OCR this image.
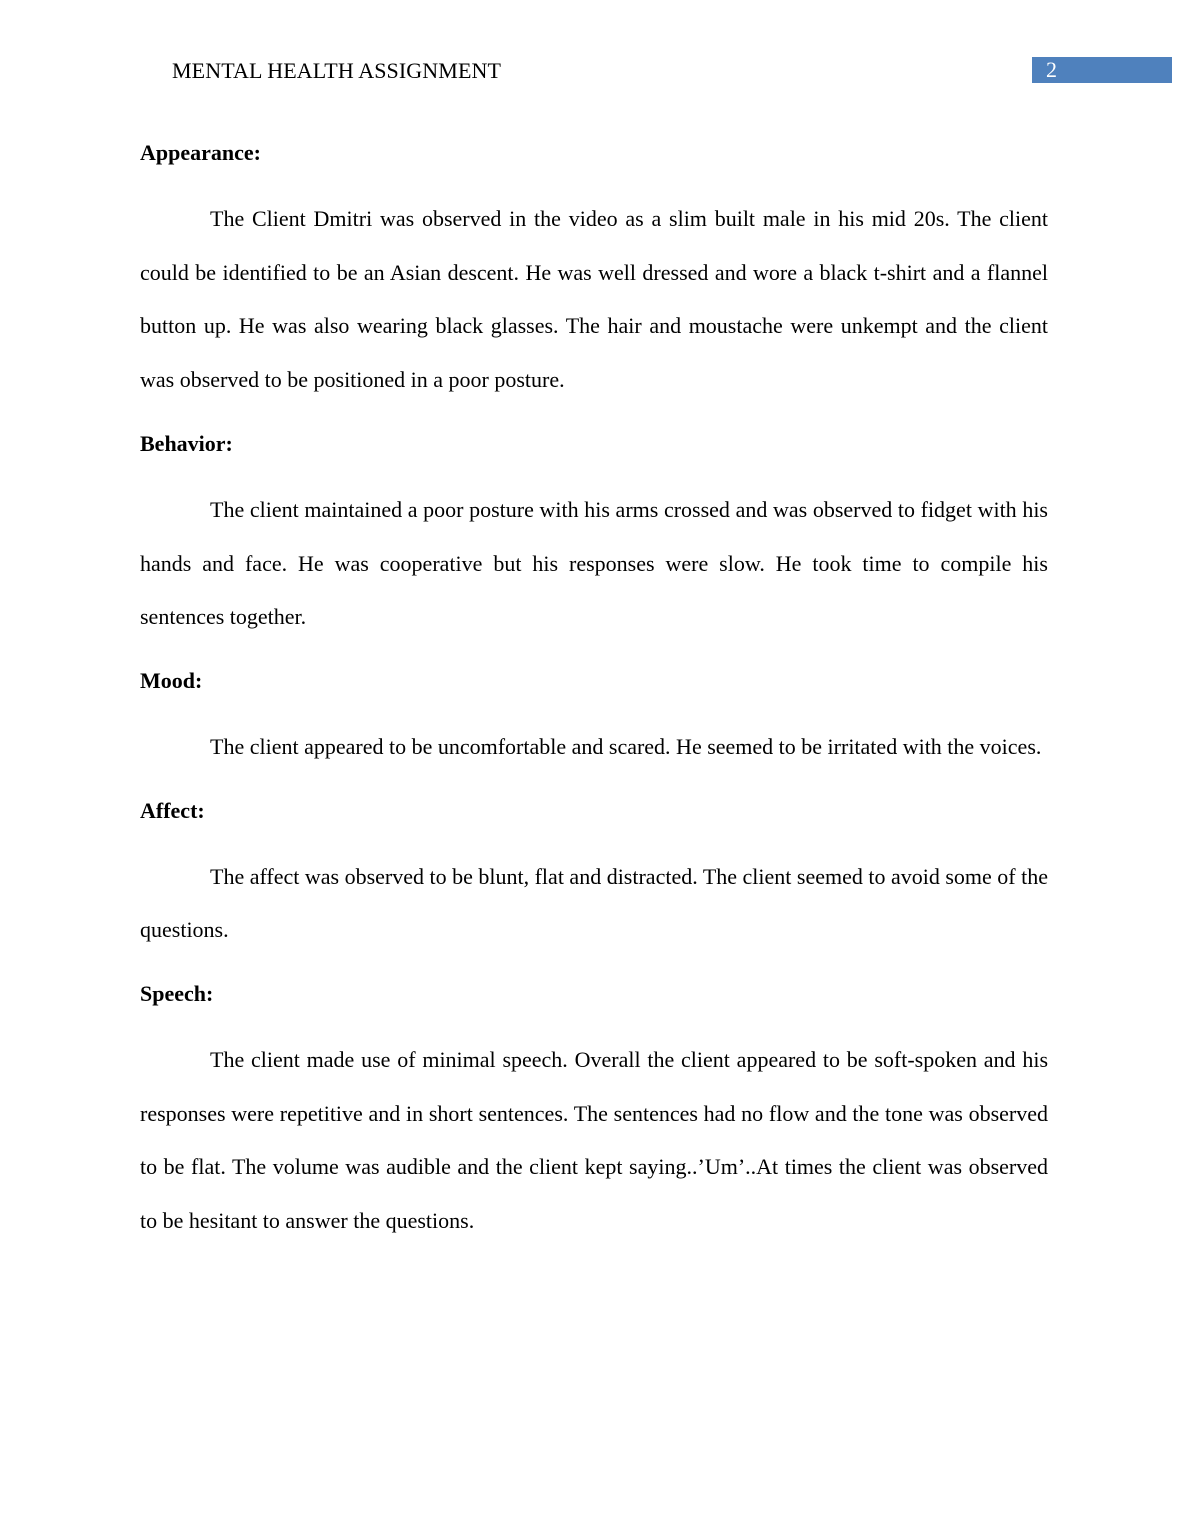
MENTAL HEALTH ASSIGNMENT	2

Appearance:

The Client Dmitri was observed in the video as a slim built male in his mid 20s. The client could be identified to be an Asian descent. He was well dressed and wore a black t-shirt and a flannel button up. He was also wearing black glasses. The hair and moustache were unkempt and the client was observed to be positioned in a poor posture.

Behavior:

The client maintained a poor posture with his arms crossed and was observed to fidget with his hands and face. He was cooperative but his responses were slow. He took time to compile his sentences together.

Mood:

The client appeared to be uncomfortable and scared. He seemed to be irritated with the voices.

Affect:

The affect was observed to be blunt, flat and distracted. The client seemed to avoid some of the questions.

Speech:

The client made use of minimal speech. Overall the client appeared to be soft-spoken and his responses were repetitive and in short sentences. The sentences had no flow and the tone was observed to be flat. The volume was audible and the client kept saying..’Um’..At times the client was observed to be hesitant to answer the questions.
